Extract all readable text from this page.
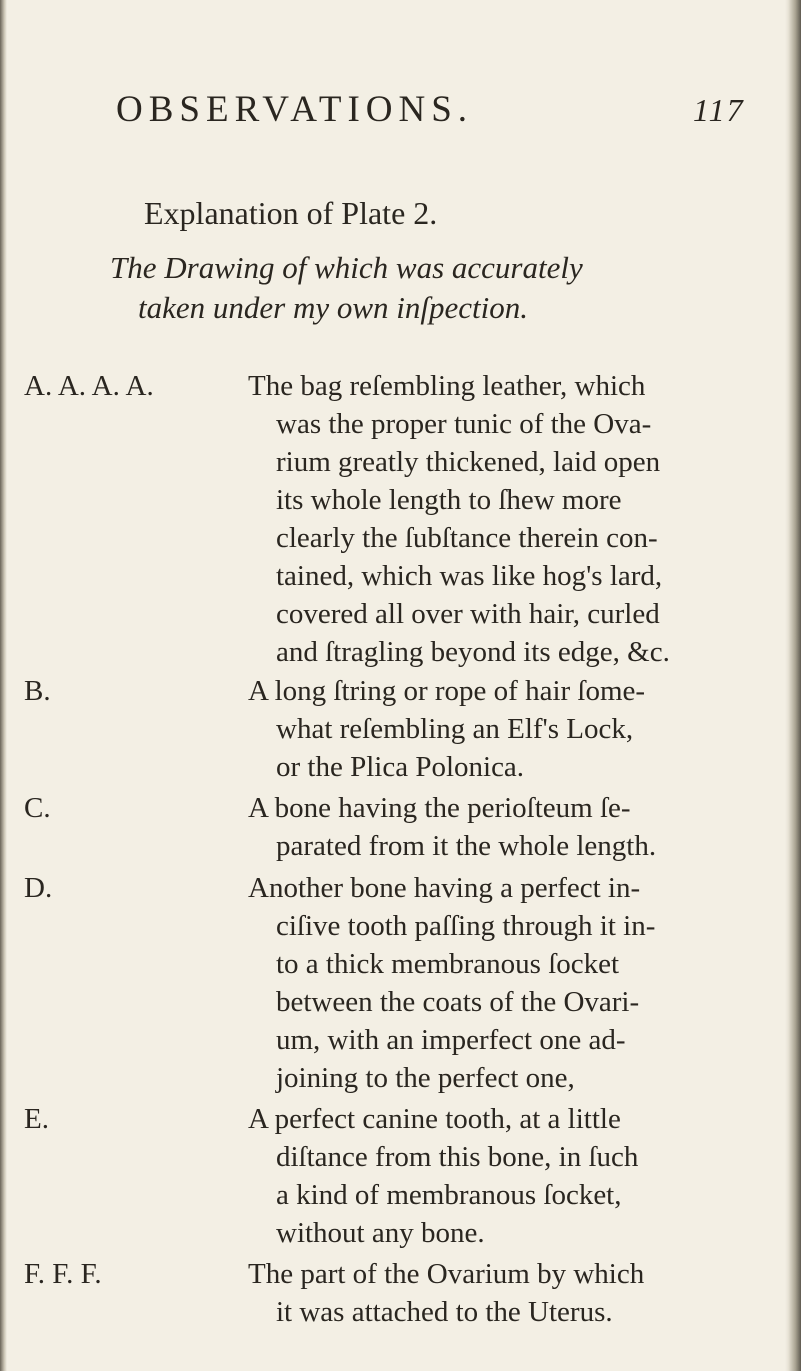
OBSERVATIONS.	117
Explanation of Plate 2.
The Drawing of which was accurately
taken under my own inſpection.
A. A. A. A.	The bag reſembling leather, which
was the proper tunic of the Ova-
rium greatly thickened, laid open
its whole length to ſhew more
clearly the ſubſtance therein con-
tained, which was like hog's lard,
covered all over with hair, curled
and ſtragling beyond its edge, &c.
B.	A long ſtring or rope of hair ſome-
what reſembling an Elf's Lock,
or the Plica Polonica.
C.	A bone having the perioſteum ſe-
parated from it the whole length.
D.	Another bone having a perfect in-
ciſive tooth paſſing through it in-
to a thick membranous ſocket
between the coats of the Ovari-
um, with an imperfect one ad-
joining to the perfect one,
E.	A perfect canine tooth, at a little
diſtance from this bone, in ſuch
a kind of membranous ſocket,
without any bone.
F. F. F.	The part of the Ovarium by which
it was attached to the Uterus.
